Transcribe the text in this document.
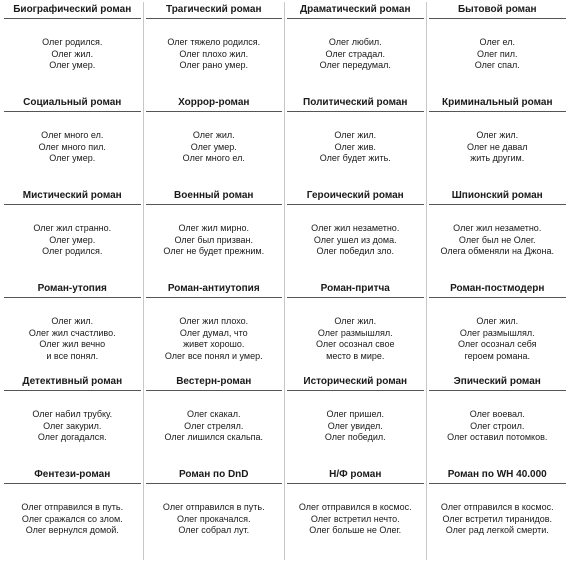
Биографический роман
Олег родился.
Олег жил.
Олег умер.
Трагический роман
Олег тяжело родился.
Олег плохо жил.
Олег рано умер.
Драматический роман
Олег любил.
Олег страдал.
Олег передумал.
Бытовой роман
Олег ел.
Олег пил.
Олег спал.
Социальный роман
Олег много ел.
Олег много пил.
Олег умер.
Хоррор-роман
Олег жил.
Олег умер.
Олег много ел.
Политический роман
Олег жил.
Олег жив.
Олег будет жить.
Криминальный роман
Олег жил.
Олег не давал
жить другим.
Мистический роман
Олег жил странно.
Олег умер.
Олег родился.
Военный роман
Олег жил мирно.
Олег был призван.
Олег не будет прежним.
Героический роман
Олег жил незаметно.
Олег ушел из дома.
Олег победил зло.
Шпионский роман
Олег жил незаметно.
Олег был не Олег.
Олега обменяли на Джона.
Роман-утопия
Олег жил.
Олег жил счастливо.
Олег жил вечно
и все понял.
Роман-антиутопия
Олег жил плохо.
Олег думал, что
живет хорошо.
Олег все понял и умер.
Роман-притча
Олег жил.
Олег размышлял.
Олег осознал свое
место в мире.
Роман-постмодерн
Олег жил.
Олег размышлял.
Олег осознал себя
героем романа.
Детективный роман
Олег набил трубку.
Олег закурил.
Олег догадался.
Вестерн-роман
Олег скакал.
Олег стрелял.
Олег лишился скальпа.
Исторический роман
Олег пришел.
Олег увидел.
Олег победил.
Эпический роман
Олег воевал.
Олег строил.
Олег оставил потомков.
Фентези-роман
Олег отправился в путь.
Олег сражался со злом.
Олег вернулся домой.
Роман по DnD
Олег отправился в путь.
Олег прокачался.
Олег собрал лут.
Н/Ф роман
Олег отправился в космос.
Олег встретил нечто.
Олег больше не Олег.
Роман по WH 40.000
Олег отправился в космос.
Олег встретил тиранидов.
Олег рад легкой смерти.
